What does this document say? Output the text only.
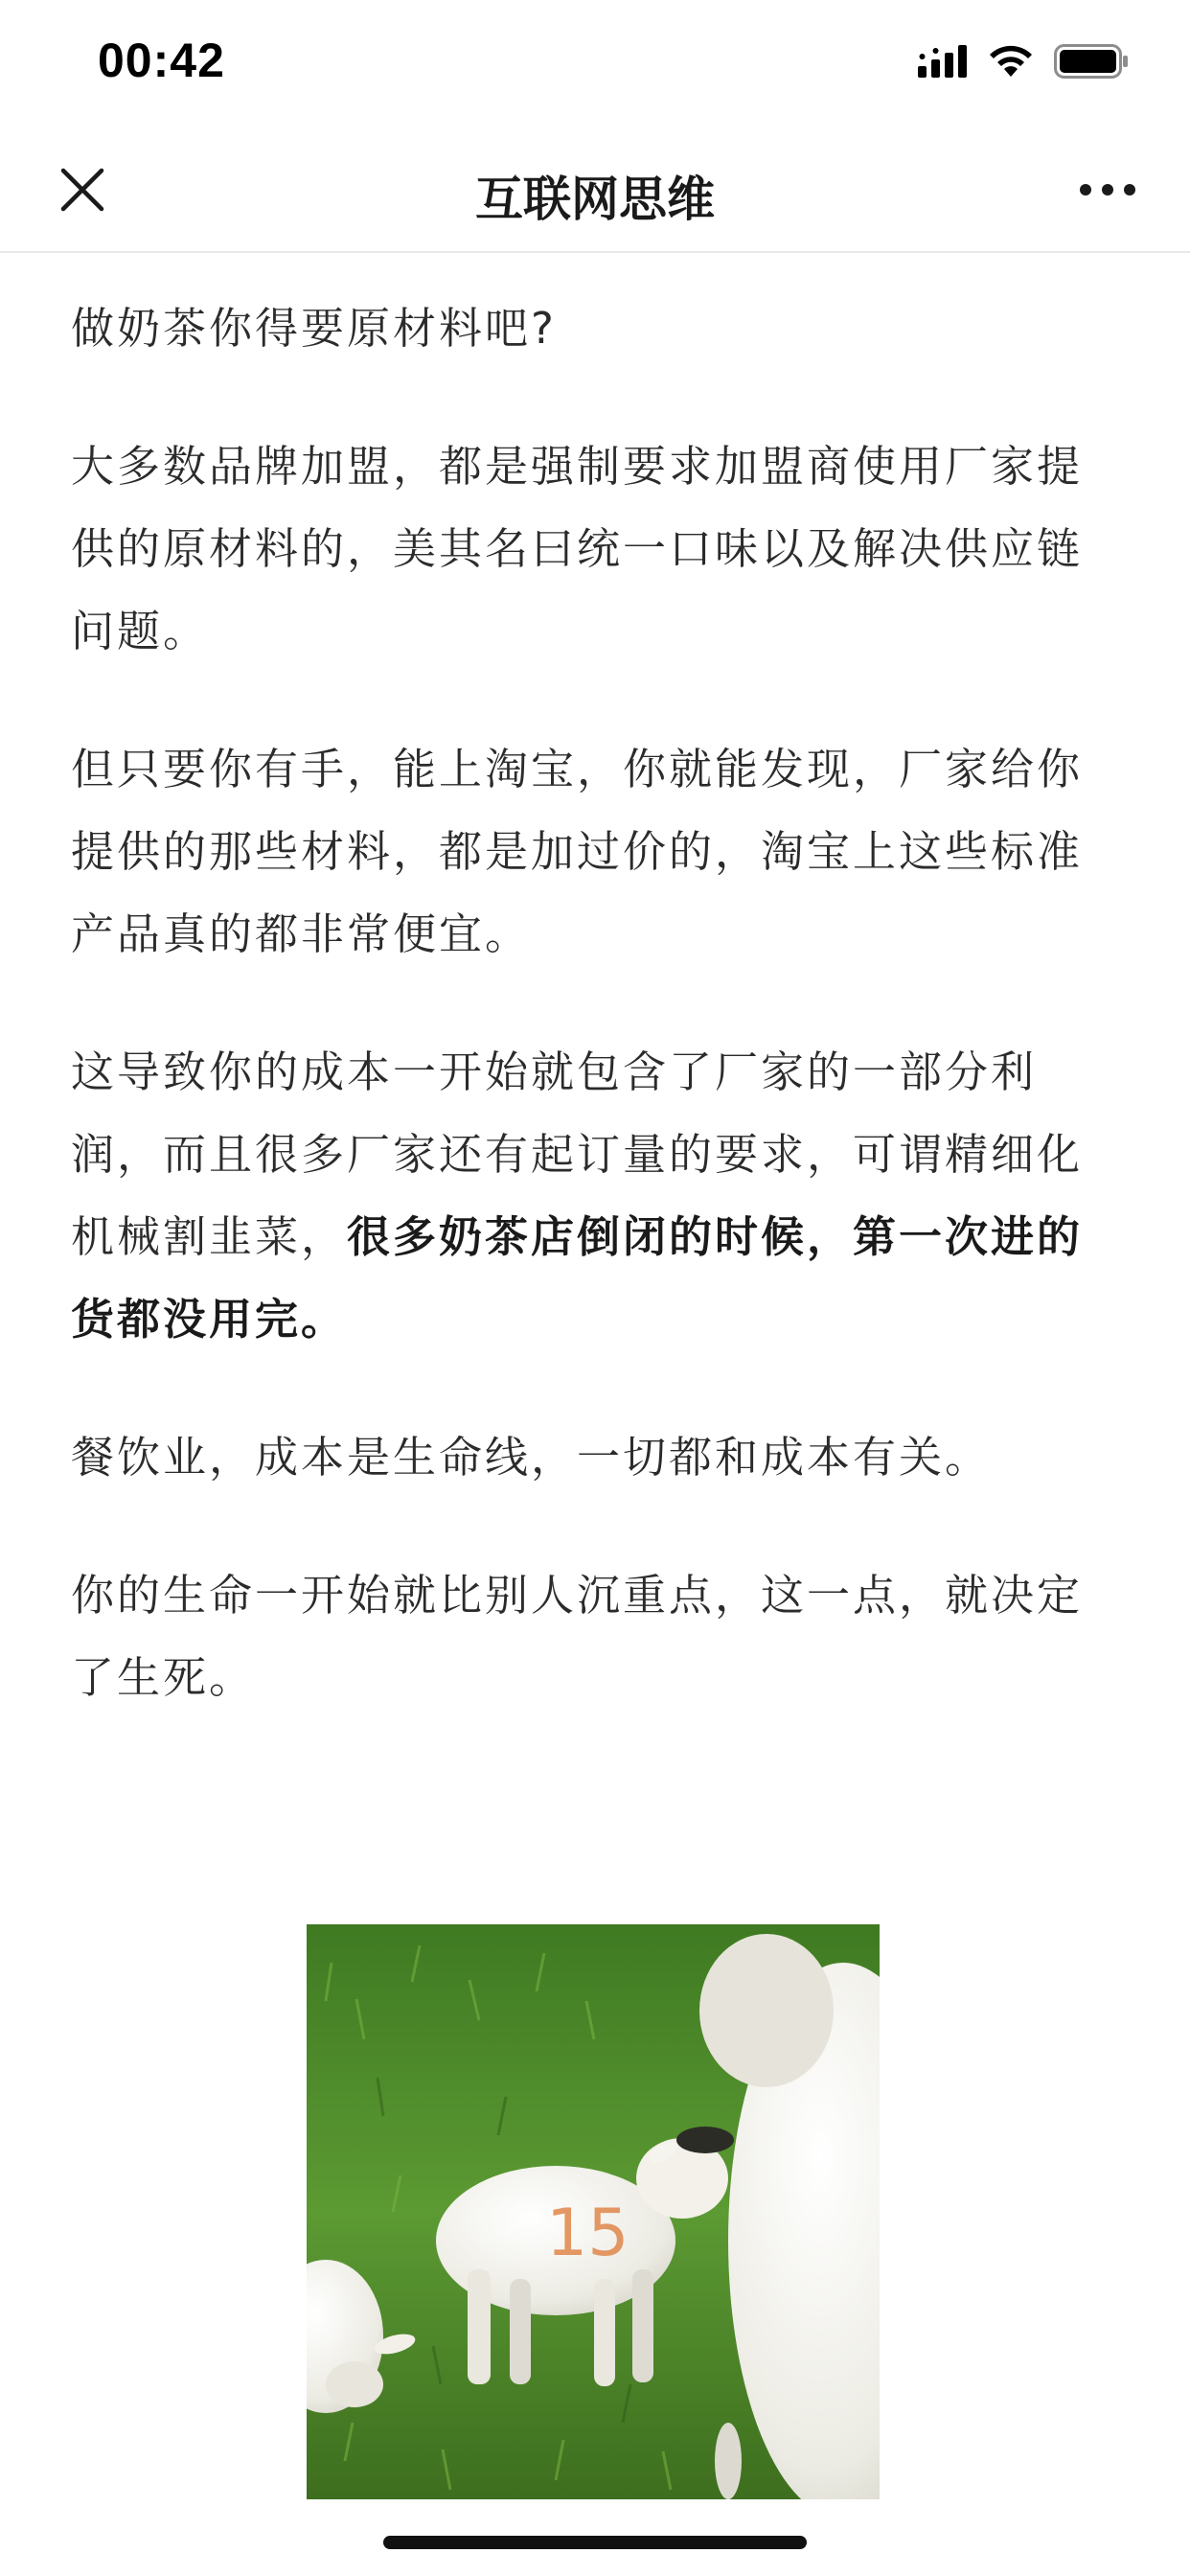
00:42
互联网思维

做奶茶你得要原材料吧?

大多数品牌加盟，都是强制要求加盟商使用厂家提供的原材料的，美其名曰统一口味以及解决供应链问题。

但只要你有手，能上淘宝，你就能发现，厂家给你提供的那些材料，都是加过价的，淘宝上这些标准产品真的都非常便宜。

这导致你的成本一开始就包含了厂家的一部分利润，而且很多厂家还有起订量的要求，可谓精细化机械割韭菜，很多奶茶店倒闭的时候，第一次进的货都没用完。

餐饮业，成本是生命线，一切都和成本有关。

你的生命一开始就比别人沉重点，这一点，就决定了生死。

15
